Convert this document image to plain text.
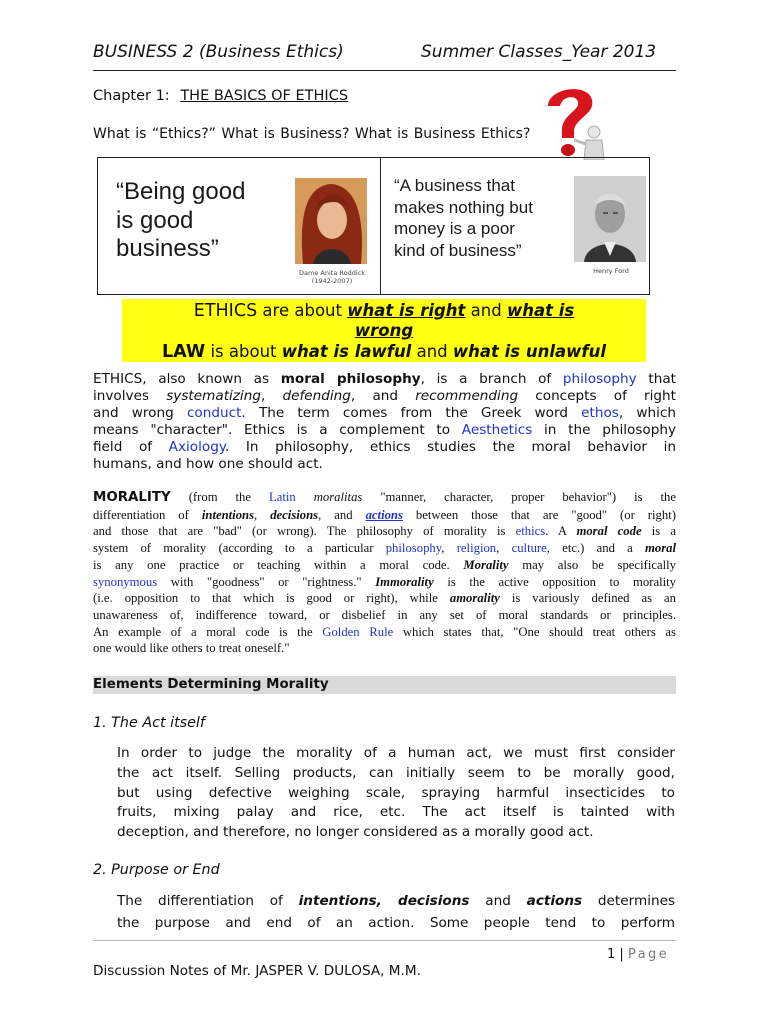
BUSINESS 2 (Business Ethics)	Summer Classes_Year 2013
Chapter 1: THE BASICS OF ETHICS
What is “Ethics?” What is Business? What is Business Ethics?
“Being good
is good
business”
Dame Anita Roddick
(1942-2007)
“A business that
makes nothing but
money is a poor
kind of business”
Henry Ford
ETHICS are about what is right and what is
wrong
LAW is about what is lawful and what is unlawful
ETHICS, also known as moral philosophy, is a branch of philosophy that
involves systematizing, defending, and recommending concepts of right
and wrong conduct. The term comes from the Greek word ethos, which
means "character". Ethics is a complement to Aesthetics in the philosophy
field of Axiology. In philosophy, ethics studies the moral behavior in
humans, and how one should act.
MORALITY (from the Latin moralitas "manner, character, proper behavior") is the
differentiation of intentions, decisions, and actions between those that are "good" (or right)
and those that are "bad" (or wrong). The philosophy of morality is ethics. A moral code is a
system of morality (according to a particular philosophy, religion, culture, etc.) and a moral
is any one practice or teaching within a moral code. Morality may also be specifically
synonymous with "goodness" or "rightness." Immorality is the active opposition to morality
(i.e. opposition to that which is good or right), while amorality is variously defined as an
unawareness of, indifference toward, or disbelief in any set of moral standards or principles.
An example of a moral code is the Golden Rule which states that, "One should treat others as
one would like others to treat oneself."
Elements Determining Morality
1. The Act itself
In order to judge the morality of a human act, we must first consider
the act itself. Selling products, can initially seem to be morally good,
but using defective weighing scale, spraying harmful insecticides to
fruits, mixing palay and rice, etc. The act itself is tainted with
deception, and therefore, no longer considered as a morally good act.
2. Purpose or End
The differentiation of intentions, decisions and actions determines
the purpose and end of an action. Some people tend to perform
1 | Page
Discussion Notes of Mr. JASPER V. DULOSA, M.M.
